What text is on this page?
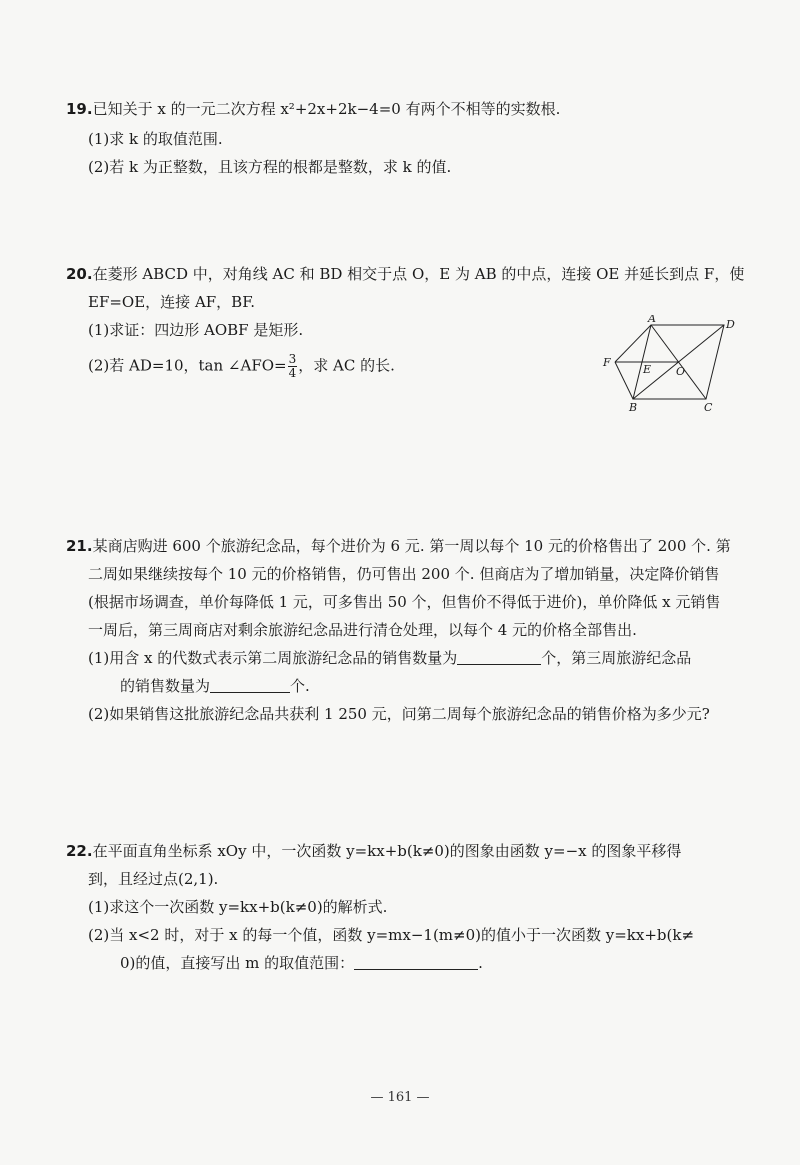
19.已知关于 x 的一元二次方程 x²+2x+2k−4=0 有两个不相等的实数根.
(1)求 k 的取值范围.
(2)若 k 为正整数，且该方程的根都是整数，求 k 的值.
20.在菱形 ABCD 中，对角线 AC 和 BD 相交于点 O，E 为 AB 的中点，连接 OE 并延长到点 F，使
EF=OE，连接 AF，BF.
(1)求证：四边形 AOBF 是矩形.
(2)若 AD=10，tan ∠AFO= $\frac{3}{4}$ ，求 AC 的长.
A	D
F
E O
B	C
21.某商店购进 600 个旅游纪念品，每个进价为 6 元. 第一周以每个 10 元的价格售出了 200 个. 第
二周如果继续按每个 10 元的价格销售，仍可售出 200 个. 但商店为了增加销量，决定降价销售
(根据市场调查，单价每降低 1 元，可多售出 50 个，但售价不得低于进价)，单价降低 x 元销售
一周后，第三周商店对剩余旅游纪念品进行清仓处理，以每个 4 元的价格全部售出.
(1)用含 x 的代数式表示第二周旅游纪念品的销售数量为	个，第三周旅游纪念品
的销售数量为	个.
(2)如果销售这批旅游纪念品共获利 1 250 元，问第二周每个旅游纪念品的销售价格为多少元?
22.在平面直角坐标系 xOy 中，一次函数 y=kx+b(k≠0)的图象由函数 y=−x 的图象平移得
到，且经过点(2,1).
(1)求这个一次函数 y=kx+b(k≠0)的解析式.
(2)当 x<2 时，对于 x 的每一个值，函数 y=mx−1(m≠0)的值小于一次函数 y=kx+b(k≠
0)的值，直接写出 m 的取值范围：	.
— 161 —
